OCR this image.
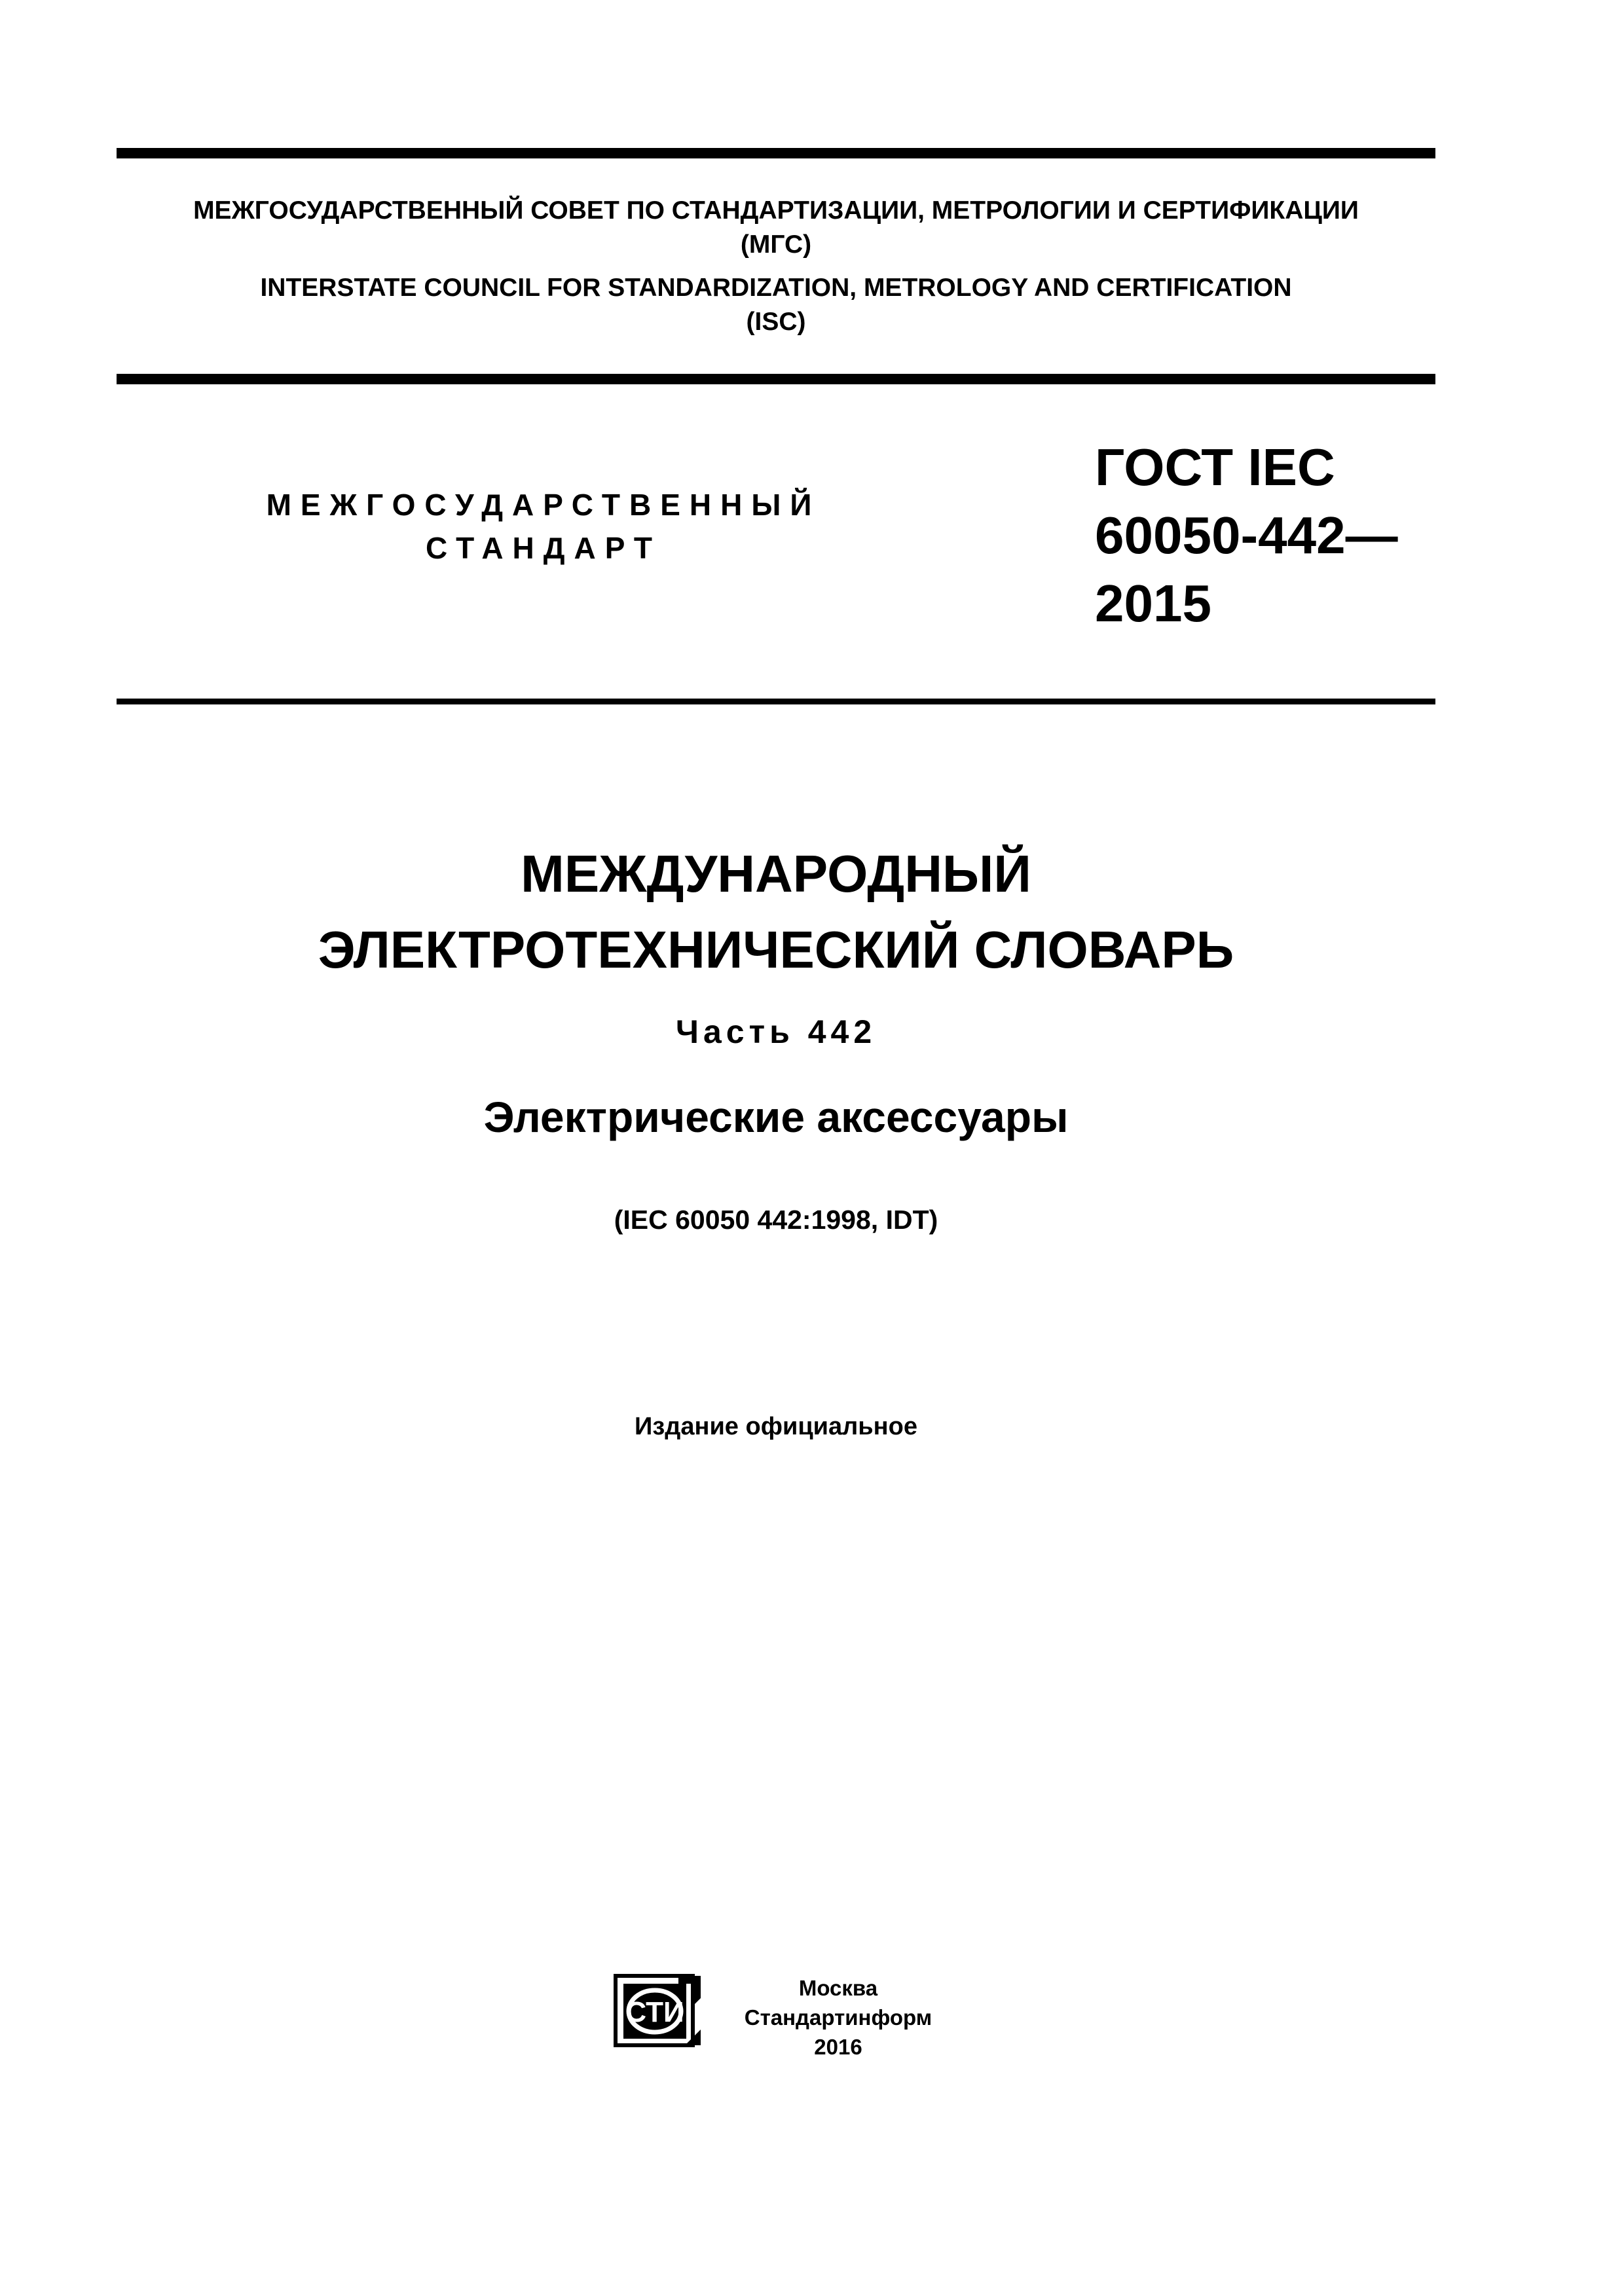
МЕЖГОСУДАРСТВЕННЫЙ СОВЕТ ПО СТАНДАРТИЗАЦИИ, МЕТРОЛОГИИ И СЕРТИФИКАЦИИ
(МГС)
INTERSTATE COUNCIL FOR STANDARDIZATION, METROLOGY AND CERTIFICATION
(ISC)
МЕЖГОСУДАРСТВЕННЫЙ
СТАНДАРТ
ГОСТ IEC
60050-442—
2015
МЕЖДУНАРОДНЫЙ
ЭЛЕКТРОТЕХНИЧЕСКИЙ СЛОВАРЬ
Часть 442
Электрические аксессуары
(IEC 60050 442:1998, IDT)
Издание официальное
СТИ
Москва
Стандартинформ
2016
